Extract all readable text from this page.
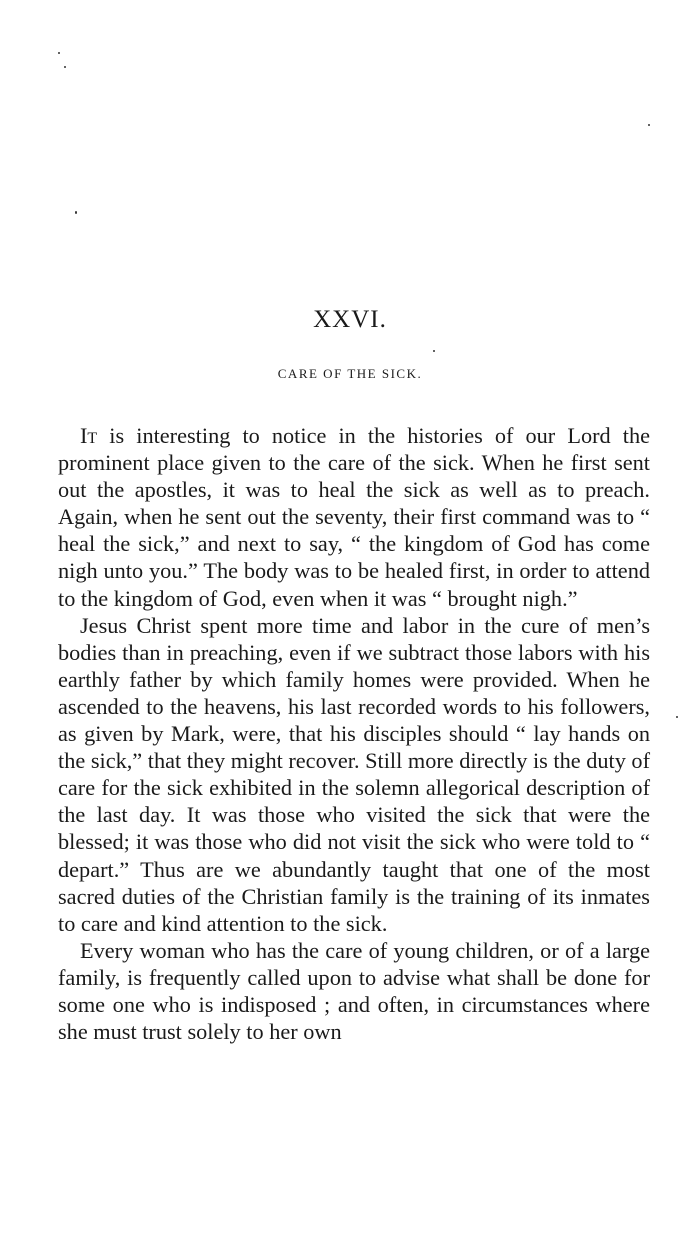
XXVI.
CARE OF THE SICK.

It is interesting to notice in the histories of our Lord the prominent place given to the care of the sick. When he first sent out the apostles, it was to heal the sick as well as to preach. Again, when he sent out the seventy, their first command was to “ heal the sick,” and next to say, “ the kingdom of God has come nigh unto you.” The body was to be healed first, in order to attend to the kingdom of God, even when it was “ brought nigh.”

Jesus Christ spent more time and labor in the cure of men’s bodies than in preaching, even if we subtract those labors with his earthly father by which family homes were provided. When he ascended to the heavens, his last recorded words to his followers, as given by Mark, were, that his disciples should “ lay hands on the sick,” that they might recover. Still more directly is the duty of care for the sick exhibited in the solemn allegorical description of the last day. It was those who visited the sick that were the blessed; it was those who did not visit the sick who were told to “ depart.” Thus are we abundantly taught that one of the most sacred duties of the Christian family is the training of its inmates to care and kind attention to the sick.

Every woman who has the care of young children, or of a large family, is frequently called upon to advise what shall be done for some one who is indisposed ; and often, in circumstances where she must trust solely to her own
